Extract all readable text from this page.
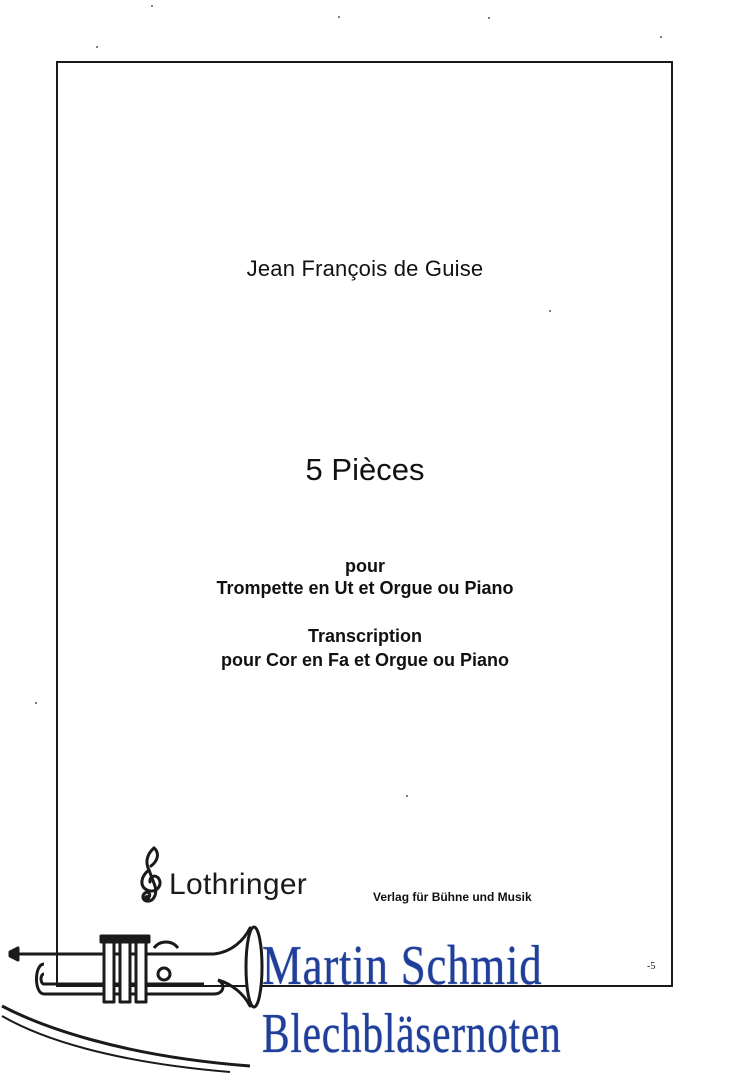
Jean François de Guise
5 Pièces
pour
Trompette en Ut et Orgue ou Piano
Transcription
pour Cor en Fa et Orgue ou Piano
Lothringer	Verlag für Bühne und Musik
-5
Martin Schmid
Blechbläsernoten
